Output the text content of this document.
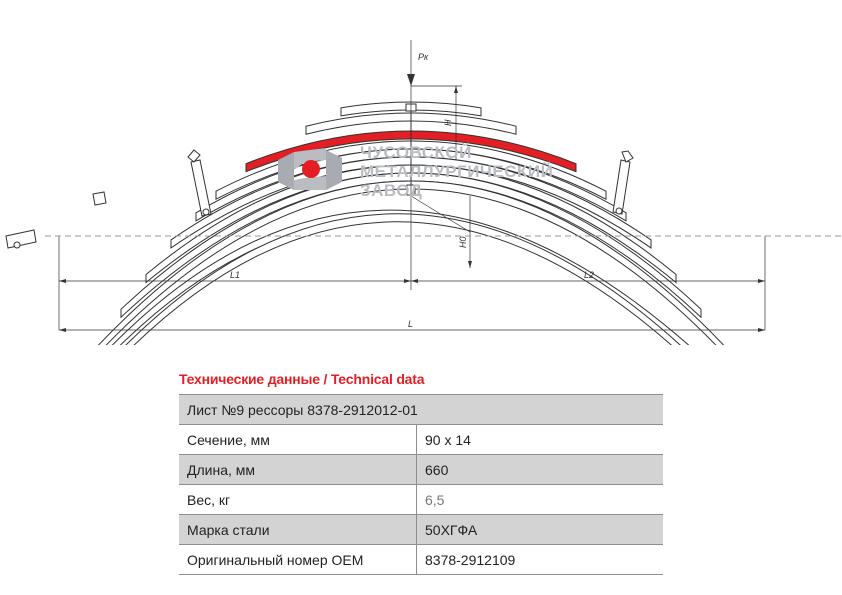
Pк
H
H0
L1	L2
L
ЧУСОВСКОЙ
МЕТАЛЛУРГИЧЕСКИЙ
ЗАВОД
Технические данные / Technical data
Лист №9 рессоры 8378-2912012-01	
Сечение, мм	90 x 14
Длина, мм	660
Вес, кг	6,5
Марка стали	50ХГФА
Оригинальный номер OEM	8378-2912109
